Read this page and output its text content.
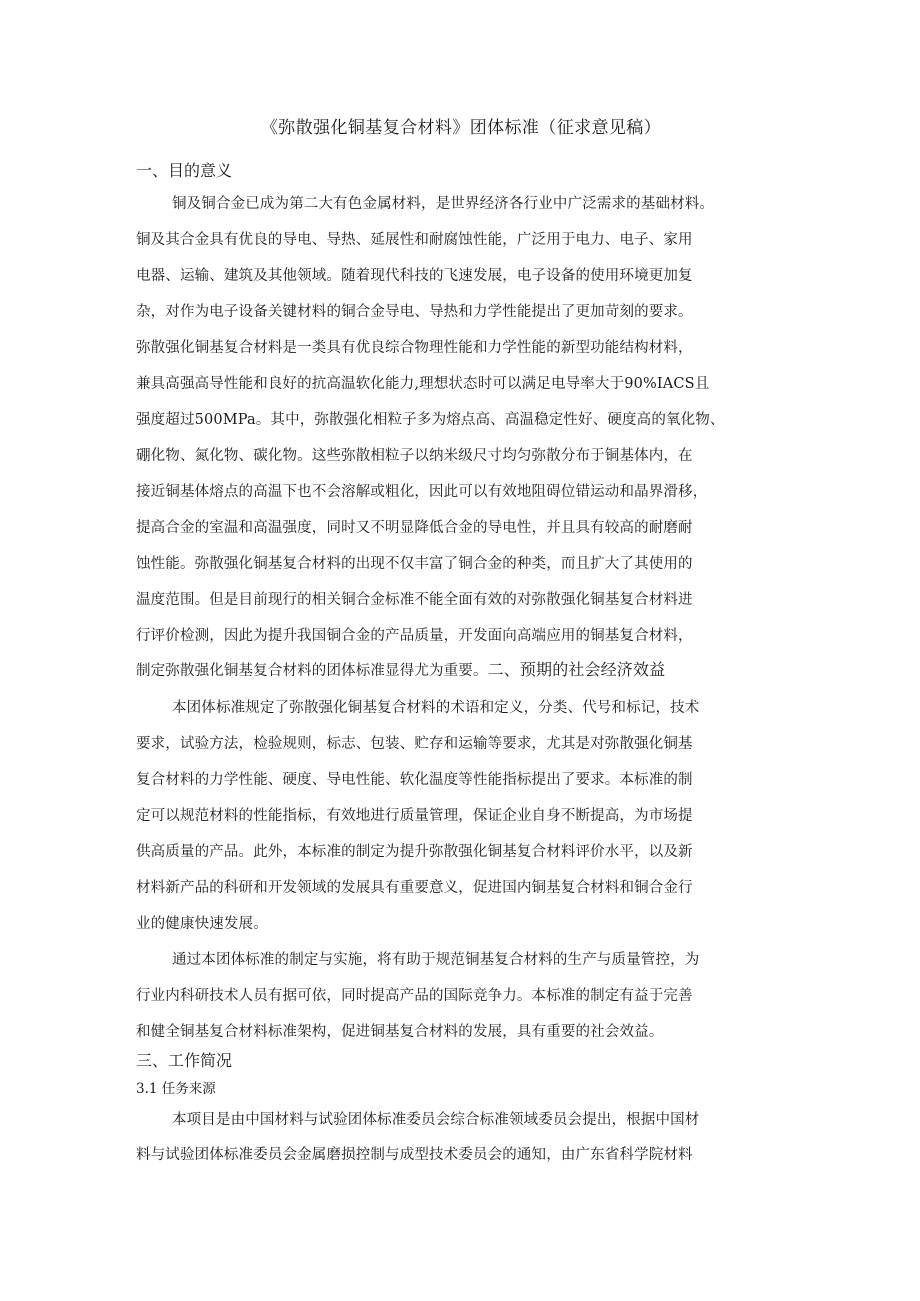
《弥散强化铜基复合材料》团体标准（征求意见稿）
一、目的意义
铜及铜合金已成为第二大有色金属材料，是世界经济各行业中广泛需求的基础材料。
铜及其合金具有优良的导电、导热、延展性和耐腐蚀性能，广泛用于电力、电子、家用
电器、运输、建筑及其他领域。随着现代科技的飞速发展，电子设备的使用环境更加复
杂，对作为电子设备关键材料的铜合金导电、导热和力学性能提出了更加苛刻的要求。
弥散强化铜基复合材料是一类具有优良综合物理性能和力学性能的新型功能结构材料，
兼具高强高导性能和良好的抗高温软化能力,理想状态时可以满足电导率大于90%IACS且
强度超过500MPa。其中，弥散强化相粒子多为熔点高、高温稳定性好、硬度高的氧化物、
硼化物、氮化物、碳化物。这些弥散相粒子以纳米级尺寸均匀弥散分布于铜基体内，在
接近铜基体熔点的高温下也不会溶解或粗化，因此可以有效地阻碍位错运动和晶界滑移，
提高合金的室温和高温强度，同时又不明显降低合金的导电性，并且具有较高的耐磨耐
蚀性能。弥散强化铜基复合材料的出现不仅丰富了铜合金的种类，而且扩大了其使用的
温度范围。但是目前现行的相关铜合金标准不能全面有效的对弥散强化铜基复合材料进
行评价检测，因此为提升我国铜合金的产品质量，开发面向高端应用的铜基复合材料，
制定弥散强化铜基复合材料的团体标准显得尤为重要。二、预期的社会经济效益
本团体标准规定了弥散强化铜基复合材料的术语和定义，分类、代号和标记，技术
要求，试验方法，检验规则，标志、包装、贮存和运输等要求，尤其是对弥散强化铜基
复合材料的力学性能、硬度、导电性能、软化温度等性能指标提出了要求。本标准的制
定可以规范材料的性能指标，有效地进行质量管理，保证企业自身不断提高，为市场提
供高质量的产品。此外，本标准的制定为提升弥散强化铜基复合材料评价水平，以及新
材料新产品的科研和开发领域的发展具有重要意义，促进国内铜基复合材料和铜合金行
业的健康快速发展。
通过本团体标准的制定与实施，将有助于规范铜基复合材料的生产与质量管控，为
行业内科研技术人员有据可依，同时提高产品的国际竞争力。本标准的制定有益于完善
和健全铜基复合材料标准架构，促进铜基复合材料的发展，具有重要的社会效益。
三、工作简况
3.1 任务来源
本项目是由中国材料与试验团体标准委员会综合标准领域委员会提出，根据中国材
料与试验团体标准委员会金属磨损控制与成型技术委员会的通知，由广东省科学院材料
